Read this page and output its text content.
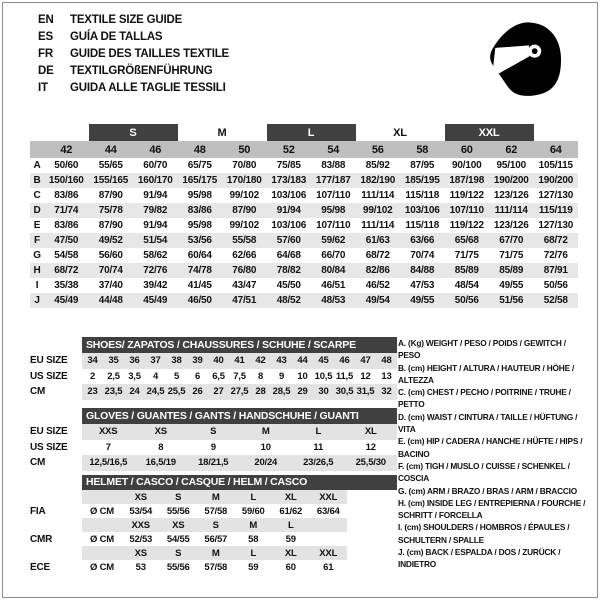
EN	TEXTILE SIZE GUIDE
ES	GUÍA DE TALLAS
FR	GUIDE DES TAILLES TEXTILE
DE	TEXTILGRÖßENFÜHRUNG
IT	GUIDA ALLE TAGLIE TESSILI
		S		M		L		XL		XXL		
	42	44	46	48	50	52	54	56	58	60	62	64
A	50/60	55/65	60/70	65/75	70/80	75/85	83/88	85/92	87/95	90/100	95/100	105/115
B	150/160	155/165	160/170	165/175	170/180	173/183	177/187	182/190	185/195	187/198	190/200	190/200
C	83/86	87/90	91/94	95/98	99/102	103/106	107/110	111/114	115/118	119/122	123/126	127/130
D	71/74	75/78	79/82	83/86	87/90	91/94	95/98	99/102	103/106	107/110	111/114	115/119
E	83/86	87/90	91/94	95/98	99/102	103/106	107/110	111/114	115/118	119/122	123/126	127/130
F	47/50	49/52	51/54	53/56	55/58	57/60	59/62	61/63	63/66	65/68	67/70	68/72
G	54/58	56/60	58/62	60/64	62/66	64/68	66/70	68/72	70/74	71/75	71/75	72/76
H	68/72	70/74	72/76	74/78	76/80	78/82	80/84	82/86	84/88	85/89	85/89	87/91
I	35/38	37/40	39/42	41/45	43/47	45/50	46/51	46/52	47/53	48/54	49/55	50/56
J	45/49	44/48	45/49	46/50	47/51	48/52	48/53	49/54	49/55	50/56	51/56	52/58
SHOES/ ZAPATOS / CHAUSSURES / SCHUHE / SCARPE
EU SIZE	34	35	36	37	38	39	40	41	42	43	44	45	46	47	48
US SIZE	2	2,5	3,5	4	5	6	6,5	7,5	8	9	10	10,5	11,5	12	13
CM	23	23,5	24	24,5	25,5	26	27	27,5	28	28,5	29	30	30,5	31,5	32
GLOVES / GUANTES / GANTS / HANDSCHUHE / GUANTI
EU SIZE	XXS	XS	S	M	L	XL
US SIZE	7	8	9	10	11	12
CM	12,5/16,5	16,5/19	18/21,5	20/24	23/26,5	25,5/30
HELMET / CASCO / CASQUE / HELM / CASCO
		XS	S	M	L	XL	XXL	
FIA	Ø CM	53/54	55/56	57/58	59/60	61/62	63/64	
		XXS	XS	S	M	L		
CMR	Ø CM	52/53	54/55	56/57	58	59		
		XS	S	M	L	XL	XXL	
ECE	Ø CM	53	55/56	57/58	59	60	61	
A. (Kg) WEIGHT / PESO / POIDS / GEWITCH / PESO
B. (cm) HEIGHT / ALTURA / HAUTEUR / HÖHE / ALTEZZA
C. (cm) CHEST / PECHO / POITRINE / TRUHE / PETTO
D. (cm) WAIST / CINTURA / TAILLE / HÜFTUNG / VITA
E. (cm) HIP / CADERA / HANCHE / HÜFTE / HIPS / BACINO
F. (cm) TIGH / MUSLO / CUISSE / SCHENKEL / COSCIA
G. (cm) ARM / BRAZO / BRAS / ARM / BRACCIO
H. (cm) INSIDE LEG / ENTREPIERNA / FOURCHE / SCHRITT / FORCELLA
I. (cm) SHOULDERS / HOMBROS / ÉPAULES / SCHULTERN / SPALLE
J. (cm) BACK / ESPALDA / DOS / ZURÜCK / INDIETRO
